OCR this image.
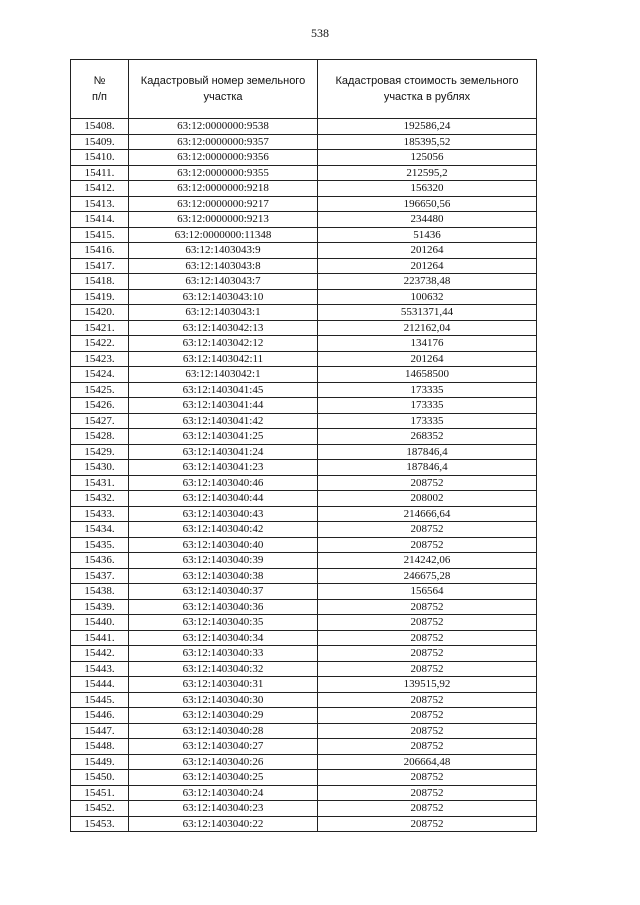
538
№
п/п	Кадастровый номер земельного участка	Кадастровая стоимость земельного участка в рублях
15408.	63:12:0000000:9538	192586,24
15409.	63:12:0000000:9357	185395,52
15410.	63:12:0000000:9356	125056
15411.	63:12:0000000:9355	212595,2
15412.	63:12:0000000:9218	156320
15413.	63:12:0000000:9217	196650,56
15414.	63:12:0000000:9213	234480
15415.	63:12:0000000:11348	51436
15416.	63:12:1403043:9	201264
15417.	63:12:1403043:8	201264
15418.	63:12:1403043:7	223738,48
15419.	63:12:1403043:10	100632
15420.	63:12:1403043:1	5531371,44
15421.	63:12:1403042:13	212162,04
15422.	63:12:1403042:12	134176
15423.	63:12:1403042:11	201264
15424.	63:12:1403042:1	14658500
15425.	63:12:1403041:45	173335
15426.	63:12:1403041:44	173335
15427.	63:12:1403041:42	173335
15428.	63:12:1403041:25	268352
15429.	63:12:1403041:24	187846,4
15430.	63:12:1403041:23	187846,4
15431.	63:12:1403040:46	208752
15432.	63:12:1403040:44	208002
15433.	63:12:1403040:43	214666,64
15434.	63:12:1403040:42	208752
15435.	63:12:1403040:40	208752
15436.	63:12:1403040:39	214242,06
15437.	63:12:1403040:38	246675,28
15438.	63:12:1403040:37	156564
15439.	63:12:1403040:36	208752
15440.	63:12:1403040:35	208752
15441.	63:12:1403040:34	208752
15442.	63:12:1403040:33	208752
15443.	63:12:1403040:32	208752
15444.	63:12:1403040:31	139515,92
15445.	63:12:1403040:30	208752
15446.	63:12:1403040:29	208752
15447.	63:12:1403040:28	208752
15448.	63:12:1403040:27	208752
15449.	63:12:1403040:26	206664,48
15450.	63:12:1403040:25	208752
15451.	63:12:1403040:24	208752
15452.	63:12:1403040:23	208752
15453.	63:12:1403040:22	208752
